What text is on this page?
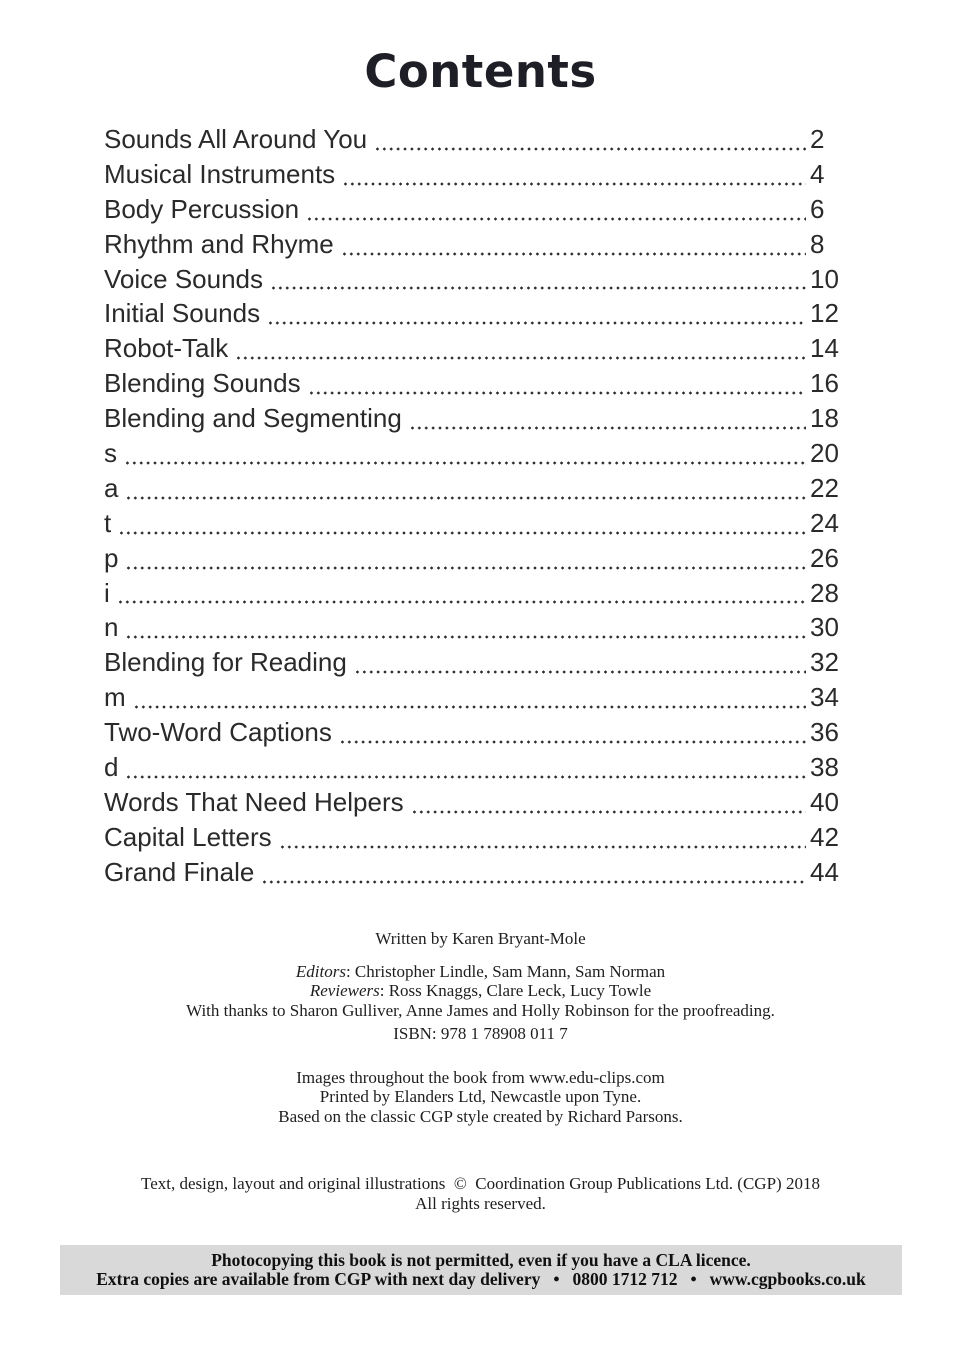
Contents
Sounds All Around You	2
Musical Instruments	4
Body Percussion	6
Rhythm and Rhyme	8
Voice Sounds	10
Initial Sounds	12
Robot-Talk	14
Blending Sounds	16
Blending and Segmenting	18
s	20
a	22
t	24
p	26
i	28
n	30
Blending for Reading	32
m	34
Two-Word Captions	36
d	38
Words That Need Helpers	40
Capital Letters	42
Grand Finale	44

Written by Karen Bryant-Mole

Editors: Christopher Lindle, Sam Mann, Sam Norman

Reviewers: Ross Knaggs, Clare Leck, Lucy Towle

With thanks to Sharon Gulliver, Anne James and Holly Robinson for the proofreading.

ISBN: 978 1 78908 011 7

Images throughout the book from www.edu-clips.com

Printed by Elanders Ltd, Newcastle upon Tyne.

Based on the classic CGP style created by Richard Parsons.

Text, design, layout and original illustrations © Coordination Group Publications Ltd. (CGP) 2018

All rights reserved.

Photocopying this book is not permitted, even if you have a CLA licence.
Extra copies are available from CGP with next day delivery • 0800 1712 712 • www.cgpbooks.co.uk
